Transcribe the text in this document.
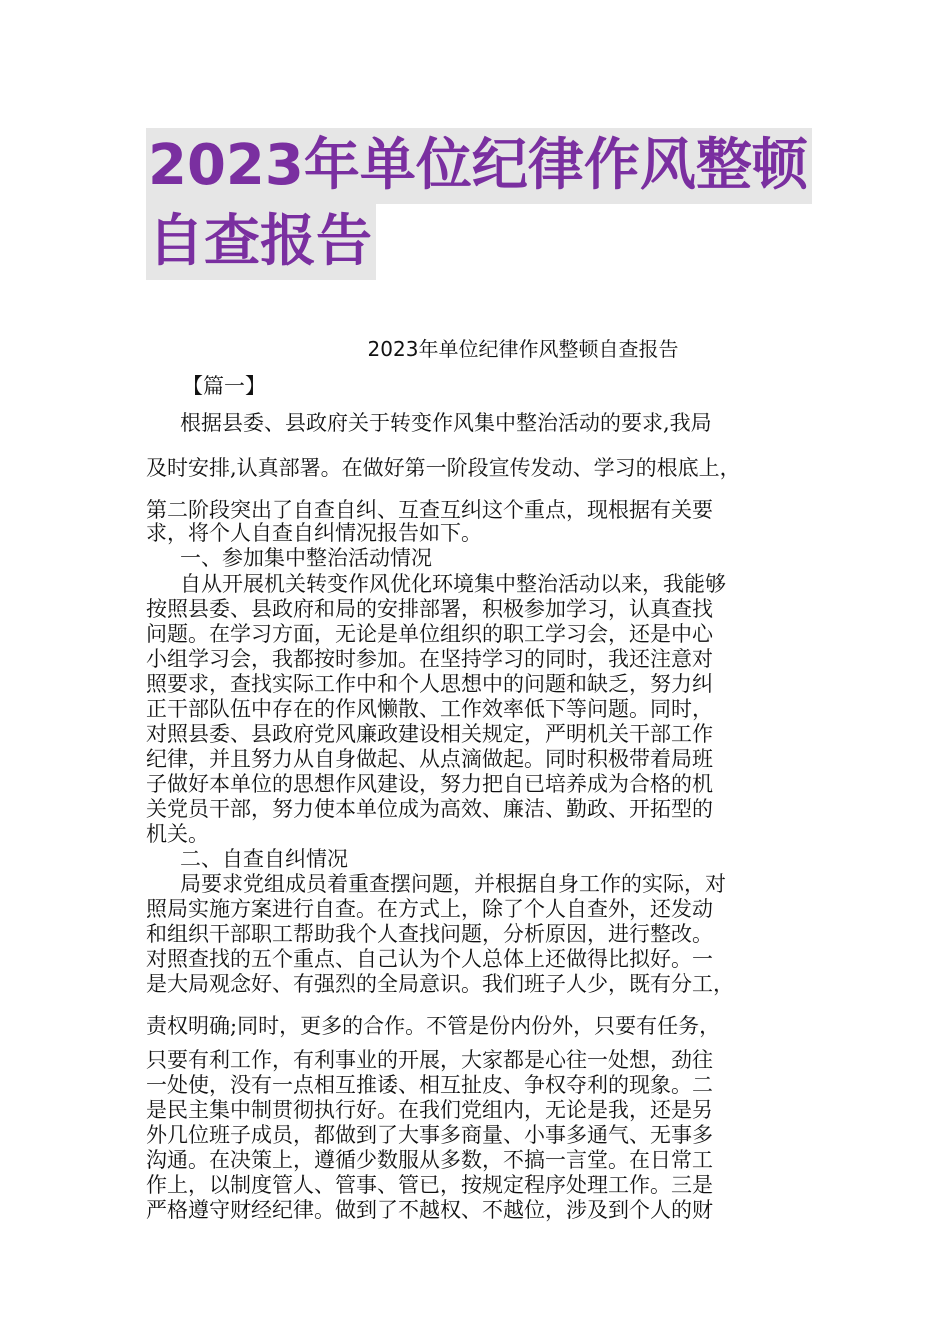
2023年单位纪律作风整顿
自查报告
2023年单位纪律作风整顿自查报告
【篇一】
根据县委、县政府关于转变作风集中整治活动的要求,我局
及时安排,认真部署。在做好第一阶段宣传发动、学习的根底上，
第二阶段突出了自查自纠、互查互纠这个重点，现根据有关要
求，将个人自查自纠情况报告如下。
一、参加集中整治活动情况
自从开展机关转变作风优化环境集中整治活动以来，我能够
按照县委、县政府和局的安排部署，积极参加学习，认真查找
问题。在学习方面，无论是单位组织的职工学习会，还是中心
小组学习会，我都按时参加。在坚持学习的同时，我还注意对
照要求，查找实际工作中和个人思想中的问题和缺乏，努力纠
正干部队伍中存在的作风懒散、工作效率低下等问题。同时，
对照县委、县政府党风廉政建设相关规定，严明机关干部工作
纪律，并且努力从自身做起、从点滴做起。同时积极带着局班
子做好本单位的思想作风建设，努力把自已培养成为合格的机
关党员干部，努力使本单位成为高效、廉洁、勤政、开拓型的
机关。
二、自查自纠情况
局要求党组成员着重查摆问题，并根据自身工作的实际，对
照局实施方案进行自查。在方式上，除了个人自查外，还发动
和组织干部职工帮助我个人查找问题，分析原因，进行整改。
对照查找的五个重点、自己认为个人总体上还做得比拟好。一
是大局观念好、有强烈的全局意识。我们班子人少，既有分工，
责权明确;同时，更多的合作。不管是份内份外，只要有任务，
只要有利工作，有利事业的开展，大家都是心往一处想，劲往
一处使，没有一点相互推诿、相互扯皮、争权夺利的现象。二
是民主集中制贯彻执行好。在我们党组内，无论是我，还是另
外几位班子成员，都做到了大事多商量、小事多通气、无事多
沟通。在决策上，遵循少数服从多数，不搞一言堂。在日常工
作上，以制度管人、管事、管已，按规定程序处理工作。三是
严格遵守财经纪律。做到了不越权、不越位，涉及到个人的财
